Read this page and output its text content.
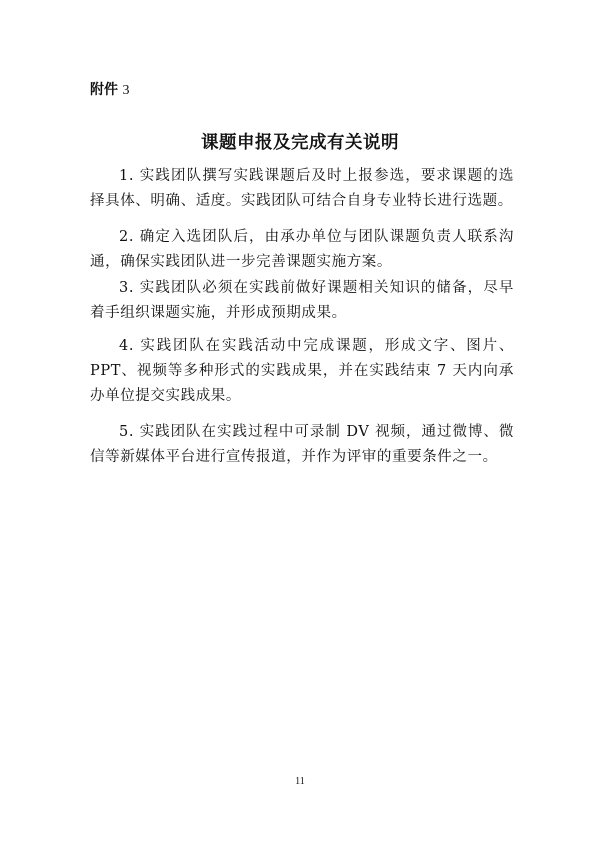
附件 3
课题申报及完成有关说明

1. 实践团队撰写实践课题后及时上报参选，要求课题的选择具体、明确、适度。实践团队可结合自身专业特长进行选题。

2. 确定入选团队后，由承办单位与团队课题负责人联系沟通，确保实践团队进一步完善课题实施方案。

3. 实践团队必须在实践前做好课题相关知识的储备，尽早着手组织课题实施，并形成预期成果。

4. 实践团队在实践活动中完成课题，形成文字、图片、PPT、视频等多种形式的实践成果，并在实践结束 7 天内向承办单位提交实践成果。

5. 实践团队在实践过程中可录制 DV 视频，通过微博、微信等新媒体平台进行宣传报道，并作为评审的重要条件之一。

11
